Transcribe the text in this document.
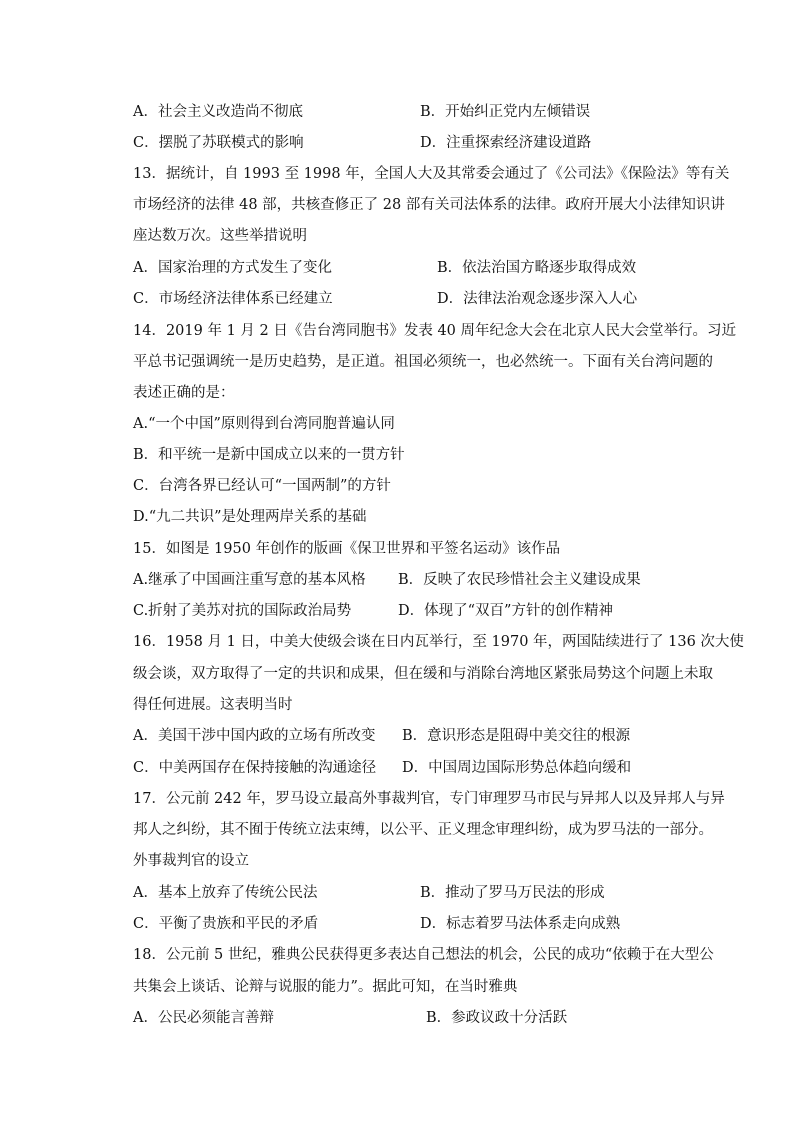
A．社会主义改造尚不彻底	B．开始纠正党内左倾错误
C．摆脱了苏联模式的影响	D．注重探索经济建设道路
13．据统计，自 1993 至 1998 年，全国人大及其常委会通过了《公司法》《保险法》等有关
市场经济的法律 48 部，共核查修正了 28 部有关司法体系的法律。政府开展大小法律知识讲
座达数万次。这些举措说明
A．国家治理的方式发生了变化	B．依法治国方略逐步取得成效
C．市场经济法律体系已经建立	D．法律法治观念逐步深入人心
14．2019 年 1 月 2 日《告台湾同胞书》发表 40 周年纪念大会在北京人民大会堂举行。习近
平总书记强调统一是历史趋势，是正道。祖国必须统一，也必然统一。下面有关台湾问题的
表述正确的是：
A.“一个中国”原则得到台湾同胞普遍认同
B．和平统一是新中国成立以来的一贯方针
C．台湾各界已经认可“一国两制”的方针
D.“九二共识”是处理两岸关系的基础
15．如图是 1950 年创作的版画《保卫世界和平签名运动》该作品
A.继承了中国画注重写意的基本风格 B．反映了农民珍惜社会主义建设成果
C.折射了美苏对抗的国际政治局势	D．体现了“双百”方针的创作精神
16．1958 月 1 日，中美大使级会谈在日内瓦举行，至 1970 年，两国陆续进行了 136 次大使
级会谈，双方取得了一定的共识和成果，但在缓和与消除台湾地区紧张局势这个问题上未取
得任何进展。这表明当时
A．美国干涉中国内政的立场有所改变 B．意识形态是阻碍中美交往的根源
C．中美两国存在保持接触的沟通途径 D．中国周边国际形势总体趋向缓和
17．公元前 242 年，罗马设立最高外事裁判官，专门审理罗马市民与异邦人以及异邦人与异
邦人之纠纷，其不囿于传统立法束缚，以公平、正义理念审理纠纷，成为罗马法的一部分。
外事裁判官的设立
A．基本上放弃了传统公民法	B．推动了罗马万民法的形成
C．平衡了贵族和平民的矛盾	D．标志着罗马法体系走向成熟
18．公元前 5 世纪，雅典公民获得更多表达自己想法的机会，公民的成功“依赖于在大型公
共集会上谈话、论辩与说服的能力”。据此可知，在当时雅典
A．公民必须能言善辩	B．参政议政十分活跃
